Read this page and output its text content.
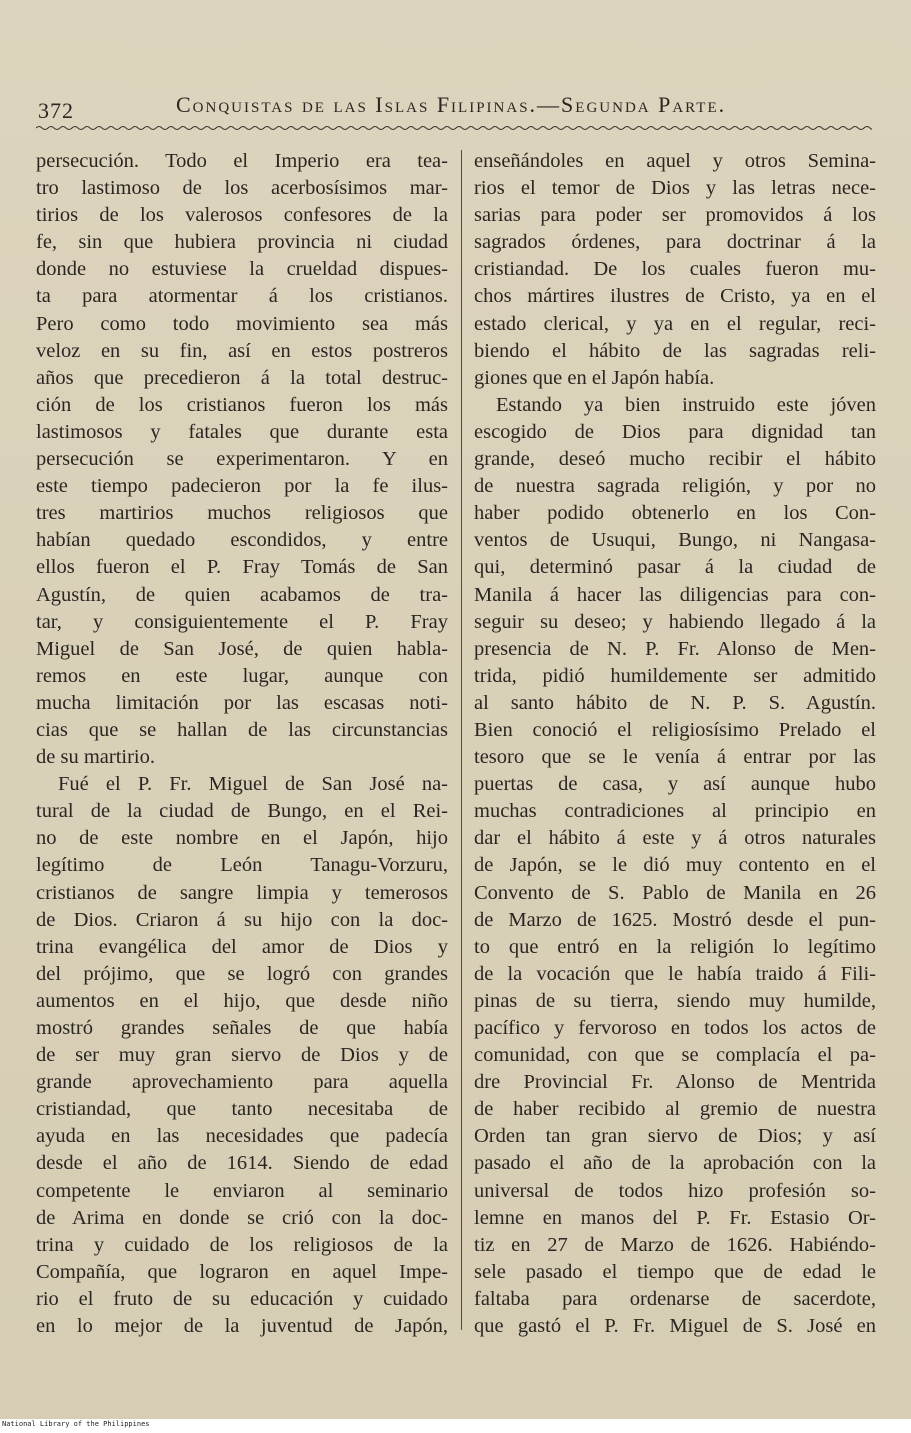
372	Conquistas de las Islas Filipinas.—Segunda Parte.
persecución. Todo el Imperio era tea-
tro lastimoso de los acerbosísimos mar-
tirios de los valerosos confesores de la
fe, sin que hubiera provincia ni ciudad
donde no estuviese la crueldad dispues-
ta para atormentar á los cristianos.
Pero como todo movimiento sea más
veloz en su fin, así en estos postreros
años que precedieron á la total destruc-
ción de los cristianos fueron los más
lastimosos y fatales que durante esta
persecución se experimentaron. Y en
este tiempo padecieron por la fe ilus-
tres martirios muchos religiosos que
habían quedado escondidos, y entre
ellos fueron el P. Fray Tomás de San
Agustín, de quien acabamos de tra-
tar, y consiguientemente el P. Fray
Miguel de San José, de quien habla-
remos en este lugar, aunque con
mucha limitación por las escasas noti-
cias que se hallan de las circunstancias
de su martirio.
Fué el P. Fr. Miguel de San José na-
tural de la ciudad de Bungo, en el Rei-
no de este nombre en el Japón, hijo
legítimo de León Tanagu-Vorzuru,
cristianos de sangre limpia y temerosos
de Dios. Criaron á su hijo con la doc-
trina evangélica del amor de Dios y
del prójimo, que se logró con grandes
aumentos en el hijo, que desde niño
mostró grandes señales de que había
de ser muy gran siervo de Dios y de
grande aprovechamiento para aquella
cristiandad, que tanto necesitaba de
ayuda en las necesidades que padecía
desde el año de 1614. Siendo de edad
competente le enviaron al seminario
de Arima en donde se crió con la doc-
trina y cuidado de los religiosos de la
Compañía, que lograron en aquel Impe-
rio el fruto de su educación y cuidado
en lo mejor de la juventud de Japón,
enseñándoles en aquel y otros Semina-
rios el temor de Dios y las letras nece-
sarias para poder ser promovidos á los
sagrados órdenes, para doctrinar á la
cristiandad. De los cuales fueron mu-
chos mártires ilustres de Cristo, ya en el
estado clerical, y ya en el regular, reci-
biendo el hábito de las sagradas reli-
giones que en el Japón había.
Estando ya bien instruido este jóven
escogido de Dios para dignidad tan
grande, deseó mucho recibir el hábito
de nuestra sagrada religión, y por no
haber podido obtenerlo en los Con-
ventos de Usuqui, Bungo, ni Nangasa-
qui, determinó pasar á la ciudad de
Manila á hacer las diligencias para con-
seguir su deseo; y habiendo llegado á la
presencia de N. P. Fr. Alonso de Men-
trida, pidió humildemente ser admitido
al santo hábito de N. P. S. Agustín.
Bien conoció el religiosísimo Prelado el
tesoro que se le venía á entrar por las
puertas de casa, y así aunque hubo
muchas contradiciones al principio en
dar el hábito á este y á otros naturales
de Japón, se le dió muy contento en el
Convento de S. Pablo de Manila en 26
de Marzo de 1625. Mostró desde el pun-
to que entró en la religión lo legítimo
de la vocación que le había traido á Fili-
pinas de su tierra, siendo muy humilde,
pacífico y fervoroso en todos los actos de
comunidad, con que se complacía el pa-
dre Provincial Fr. Alonso de Mentrida
de haber recibido al gremio de nuestra
Orden tan gran siervo de Dios; y así
pasado el año de la aprobación con la
universal de todos hizo profesión so-
lemne en manos del P. Fr. Estasio Or-
tiz en 27 de Marzo de 1626. Habiéndo-
sele pasado el tiempo que de edad le
faltaba para ordenarse de sacerdote,
que gastó el P. Fr. Miguel de S. José en
National Library of the Philippines
